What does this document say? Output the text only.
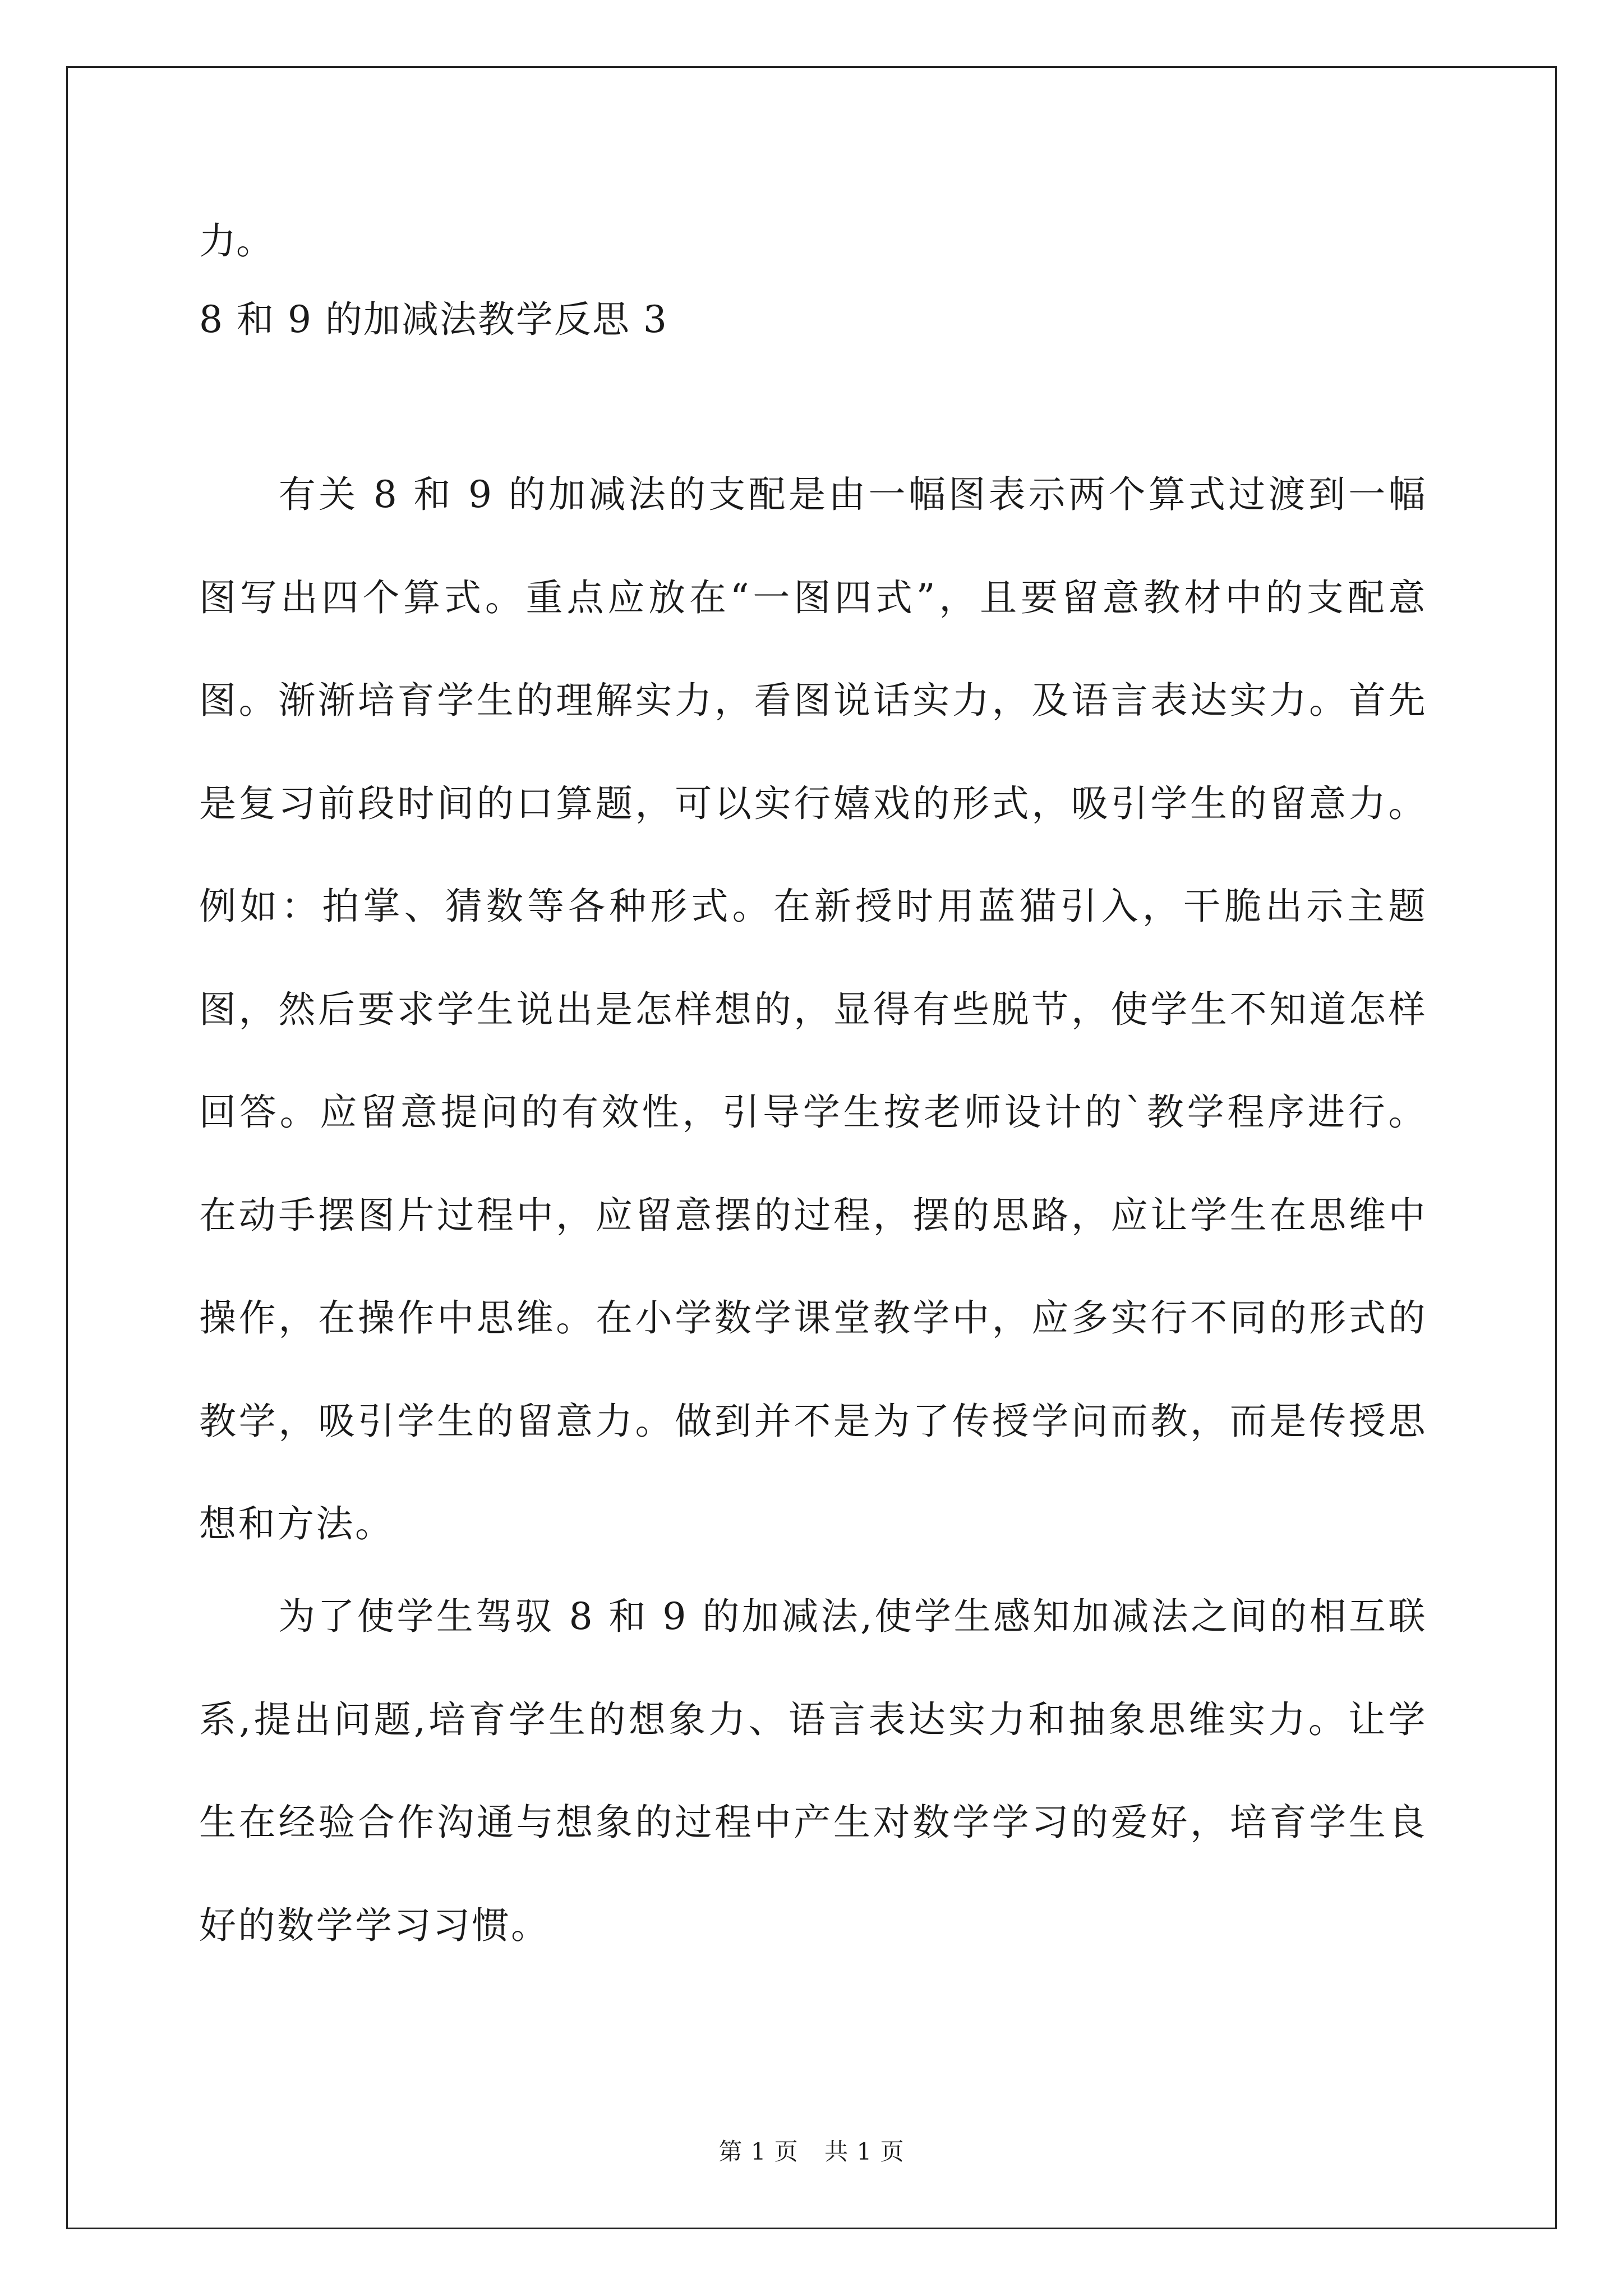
力。
8 和 9 的加减法教学反思 3
有关 8 和 9 的加减法的支配是由一幅图表示两个算式过渡到一幅图写出四个算式。重点应放在“一图四式”，且要留意教材中的支配意图。渐渐培育学生的理解实力，看图说话实力，及语言表达实力。首先是复习前段时间的口算题，可以实行嬉戏的形式，吸引学生的留意力。例如：拍掌、猜数等各种形式。在新授时用蓝猫引入，干脆出示主题图，然后要求学生说出是怎样想的，显得有些脱节，使学生不知道怎样回答。应留意提问的有效性，引导学生按老师设计的`教学程序进行。在动手摆图片过程中，应留意摆的过程，摆的思路，应让学生在思维中操作，在操作中思维。在小学数学课堂教学中，应多实行不同的形式的教学，吸引学生的留意力。做到并不是为了传授学问而教，而是传授思想和方法。
为了使学生驾驭 8 和 9 的加减法,使学生感知加减法之间的相互联系,提出问题,培育学生的想象力、语言表达实力和抽象思维实力。让学生在经验合作沟通与想象的过程中产生对数学学习的爱好，培育学生良好的数学学习习惯。
第 1 页 共 1 页
